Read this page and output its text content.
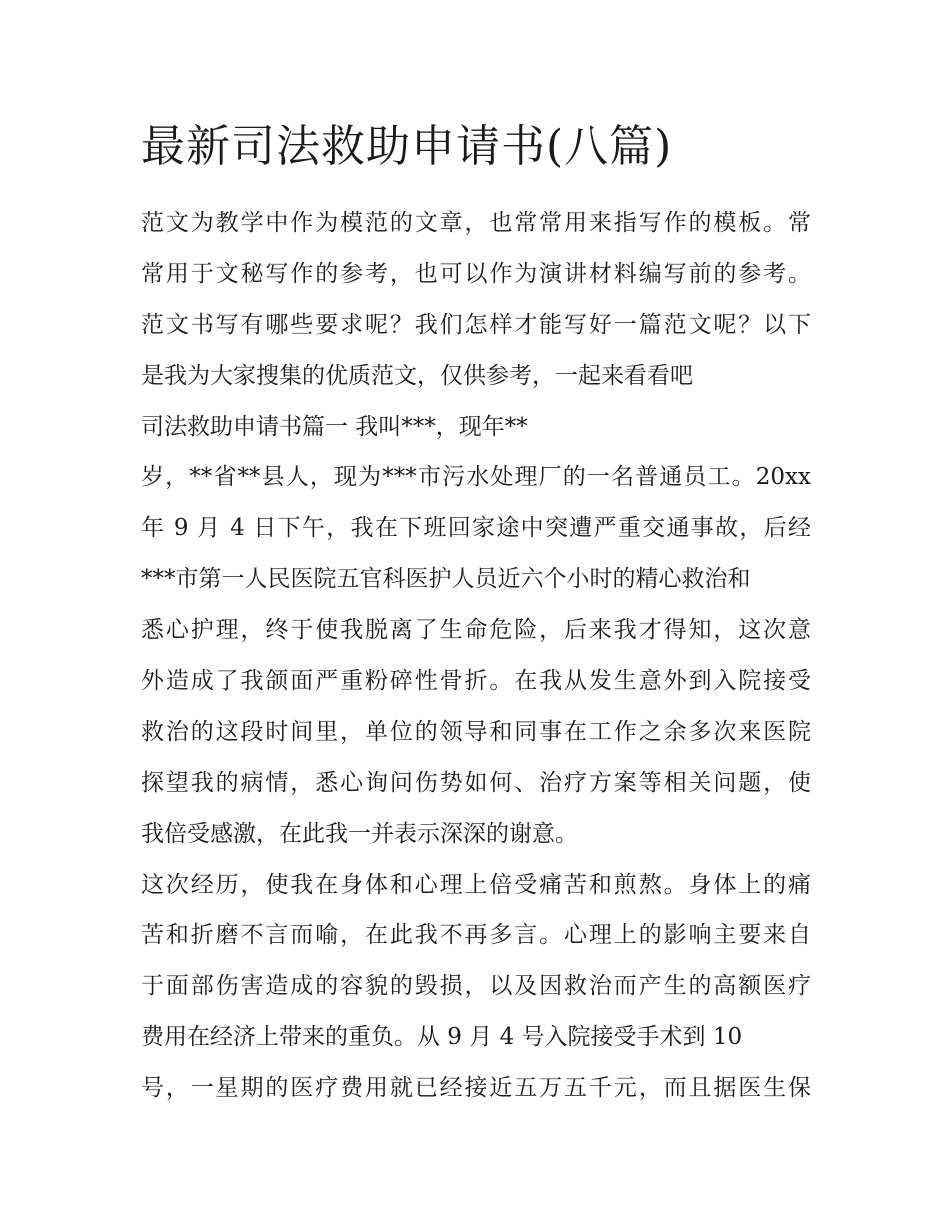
最新司法救助申请书(八篇)
范文为教学中作为模范的文章，也常常用来指写作的模板。常
常用于文秘写作的参考，也可以作为演讲材料编写前的参考。
范文书写有哪些要求呢？我们怎样才能写好一篇范文呢？以下
是我为大家搜集的优质范文，仅供参考，一起来看看吧
司法救助申请书篇一 我叫***，现年**
岁，**省**县人，现为***市污水处理厂的一名普通员工。20xx
年 9 月 4 日下午，我在下班回家途中突遭严重交通事故，后经
***市第一人民医院五官科医护人员近六个小时的精心救治和
悉心护理，终于使我脱离了生命危险，后来我才得知，这次意
外造成了我颌面严重粉碎性骨折。在我从发生意外到入院接受
救治的这段时间里，单位的领导和同事在工作之余多次来医院
探望我的病情，悉心询问伤势如何、治疗方案等相关问题，使
我倍受感激，在此我一并表示深深的谢意。
这次经历，使我在身体和心理上倍受痛苦和煎熬。身体上的痛
苦和折磨不言而喻，在此我不再多言。心理上的影响主要来自
于面部伤害造成的容貌的毁损，以及因救治而产生的高额医疗
费用在经济上带来的重负。从 9 月 4 号入院接受手术到 10
号，一星期的医疗费用就已经接近五万五千元，而且据医生保
